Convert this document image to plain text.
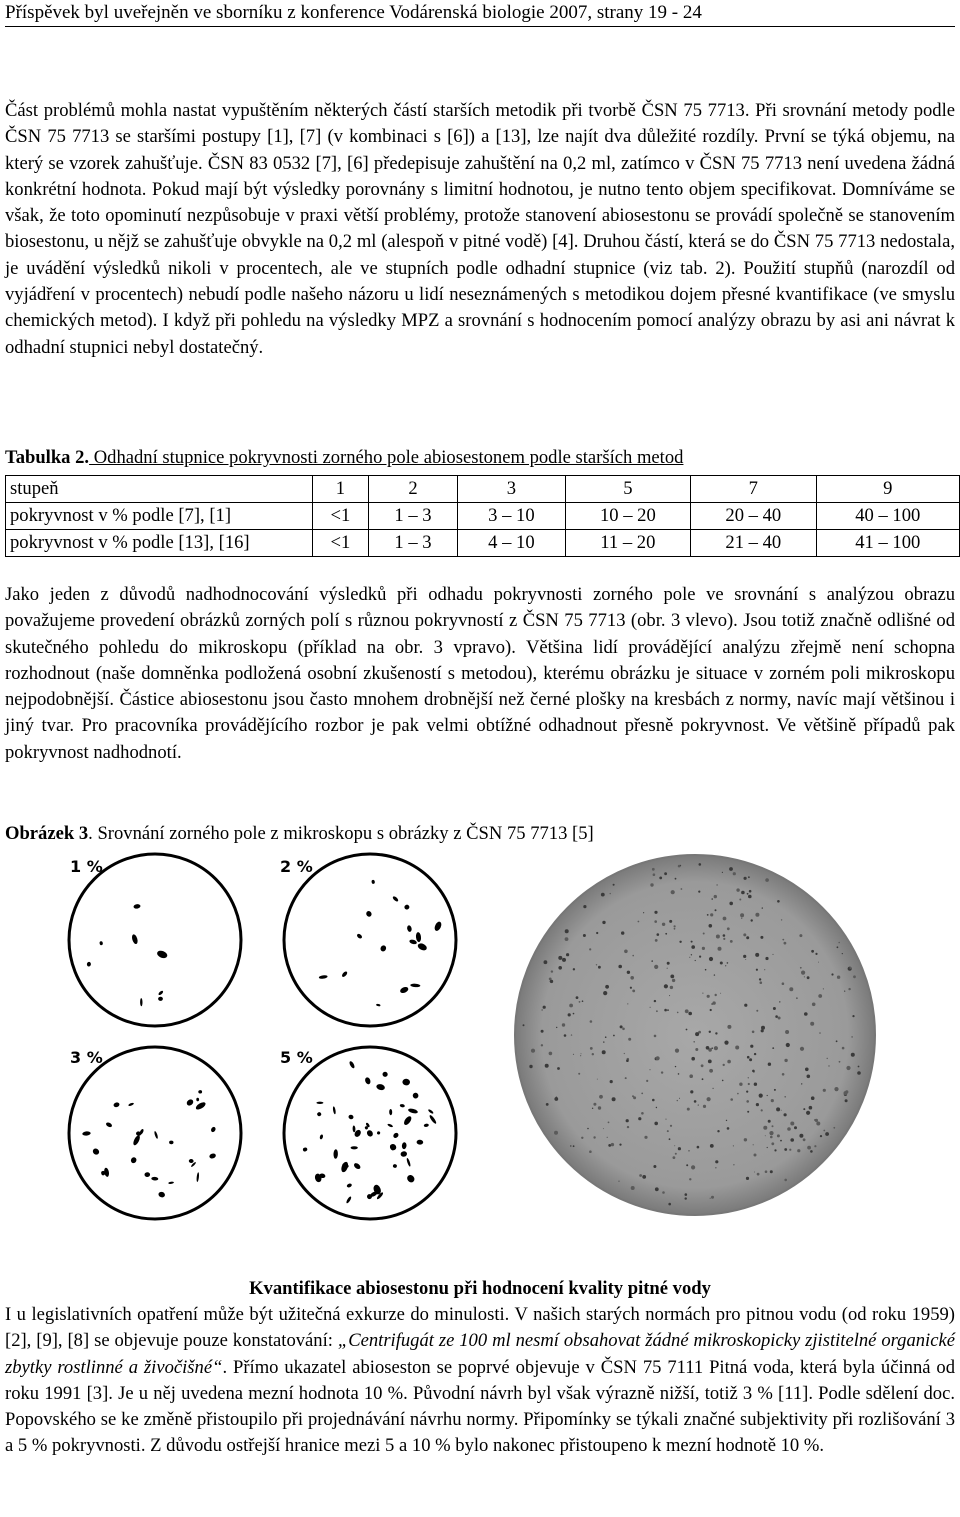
Příspěvek byl uveřejněn ve sborníku z konference Vodárenská biologie 2007, strany 19 - 24

Část problémů mohla nastat vypuštěním některých částí starších metodik při tvorbě ČSN 75 7713. Při srovnání metody podle ČSN 75 7713 se staršími postupy [1], [7] (v kombinaci s [6]) a [13], lze najít dva důležité rozdíly. První se týká objemu, na který se vzorek zahušťuje. ČSN 83 0532 [7], [6] předepisuje zahuštění na 0,2 ml, zatímco v ČSN 75 7713 není uvedena žádná konkrétní hodnota. Pokud mají být výsledky porovnány s limitní hodnotou, je nutno tento objem specifikovat. Domníváme se však, že toto opominutí nezpůsobuje v praxi větší problémy, protože stanovení abiosestonu se provádí společně se stanovením biosestonu, u nějž se zahušťuje obvykle na 0,2 ml (alespoň v pitné vodě) [4]. Druhou částí, která se do ČSN 75 7713 nedostala, je uvádění výsledků nikoli v procentech, ale ve stupních podle odhadní stupnice (viz tab. 2). Použití stupňů (narozdíl od vyjádření v procentech) nebudí podle našeho názoru u lidí neseznámených s metodikou dojem přesné kvantifikace (ve smyslu chemických metod). I když při pohledu na výsledky MPZ a srovnání s hodnocením pomocí analýzy obrazu by asi ani návrat k odhadní stupnici nebyl dostatečný.

Tabulka 2. Odhadní stupnice pokryvnosti zorného pole abiosestonem podle starších metod
stupeň	1	2	3	5	7	9
pokryvnost v % podle [7], [1]	<1	1 – 3	3 – 10	10 – 20	20 – 40	40 – 100
pokryvnost v % podle [13], [16]	<1	1 – 3	4 – 10	11 – 20	21 – 40	41 – 100

Jako jeden z důvodů nadhodnocování výsledků při odhadu pokryvnosti zorného pole ve srovnání s analýzou obrazu považujeme provedení obrázků zorných polí s různou pokryvností z ČSN 75 7713 (obr. 3 vlevo). Jsou totiž značně odlišné od skutečného pohledu do mikroskopu (příklad na obr. 3 vpravo). Většina lidí provádějící analýzu zřejmě není schopna rozhodnout (naše domněnka podložená osobní zkušeností s metodou), kterému obrázku je situace v zorném poli mikroskopu nejpodobnější. Částice abiosestonu jsou často mnohem drobnější než černé plošky na kresbách z normy, navíc mají většinou i jiný tvar. Pro pracovníka provádějícího rozbor je pak velmi obtížné odhadnout přesně pokryvnost. Ve většině případů pak pokryvnost nadhodnotí.

Obrázek 3. Srovnání zorného pole z mikroskopu s obrázky z ČSN 75 7713 [5]
1 %	2 %
3 %	5 %
Kvantifikace abiosestonu při hodnocení kvality pitné vody

I u legislativních opatření může být užitečná exkurze do minulosti. V našich starých normách pro pitnou vodu (od roku 1959) [2], [9], [8] se objevuje pouze konstatování: „Centrifugát ze 100 ml nesmí obsahovat žádné mikroskopicky zjistitelné organické zbytky rostlinné a živočišné“. Přímo ukazatel abioseston se poprvé objevuje v ČSN 75 7111 Pitná voda, která byla účinná od roku 1991 [3]. Je u něj uvedena mezní hodnota 10 %. Původní návrh byl však výrazně nižší, totiž 3 % [11]. Podle sdělení doc. Popovského se ke změně přistoupilo při projednávání návrhu normy. Připomínky se týkali značné subjektivity při rozlišování 3 a 5 % pokryvnosti. Z důvodu ostřejší hranice mezi 5 a 10 % bylo nakonec přistoupeno k mezní hodnotě 10 %.
